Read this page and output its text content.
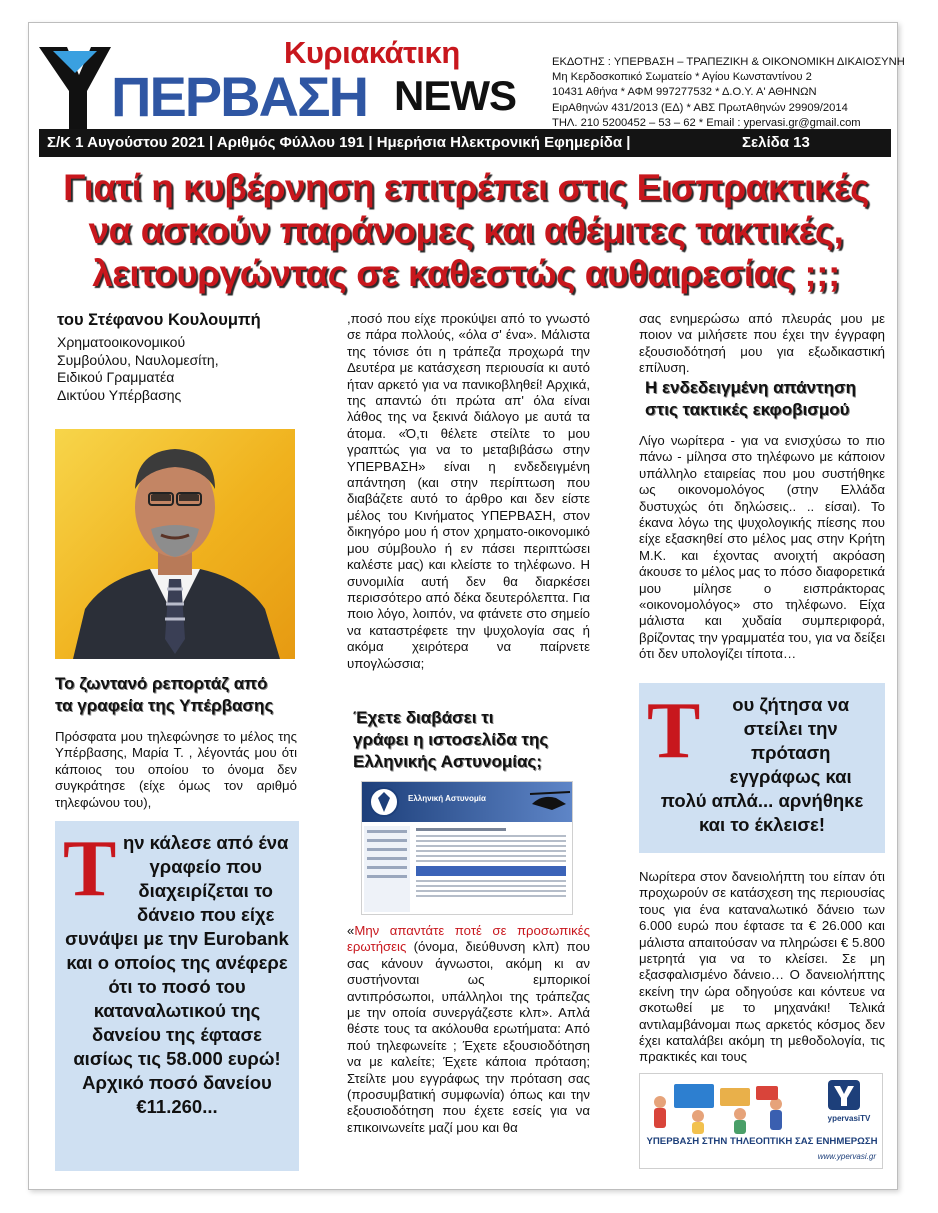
Κυριακάτικη
ΠΕΡΒΑΣΗ NEWS
ΕΚΔΟΤΗΣ : ΥΠΕΡΒΑΣΗ – ΤΡΑΠΕΖΙΚΗ & ΟΙΚΟΝΟΜΙΚΗ ΔΙΚΑΙΟΣΥΝΗ
Μη Κερδοσκοπικό Σωματείο * Αγίου Κωνσταντίνου 2
10431 Αθήνα * ΑΦΜ 997277532 * Δ.Ο.Υ. Α' ΑΘΗΝΩΝ
ΕιρΑθηνών 431/2013 (ΕΔ) * ΑΒΣ ΠρωτΑθηνών 29909/2014
ΤΗΛ. 210 5200452 – 53 – 62 * Email : ypervasi.gr@gmail.com
Σ/Κ 1 Αυγούστου 2021 | Αριθμός Φύλλου 191 | Ημερήσια Ηλεκτρονική Εφημερίδα |	Σελίδα 13
Γιατί η κυβέρνηση επιτρέπει στις Εισπρακτικές
να ασκούν παράνομες και αθέμιτες τακτικές,
λειτουργώντας σε καθεστώς αυθαιρεσίας ;;;
του Στέφανου Κουλουμπή
Χρηματοοικονομικού
Συμβούλου, Ναυλομεσίτη,
Ειδικού Γραμματέα
Δικτύου Υπέρβασης
Το ζωντανό ρεπορτάζ από
τα γραφεία της Υπέρβασης
Πρόσφατα μου τηλεφώνησε το μέλος της Υπέρβασης, Μαρία Τ. , λέγοντάς μου ότι κάποιος του οποίου το όνομα δεν συγκράτησε (είχε όμως τον αριθμό τηλεφώνου του),
Τ ην κάλεσε από ένα γραφείο που διαχειρίζεται το δάνειο που είχε συνάψει με την Eurobank και ο οποίος της ανέφερε ότι το ποσό του καταναλωτικού της δανείου της έφτασε αισίως τις 58.000 ευρώ! Αρχικό ποσό δανείου €11.260...
,ποσό που είχε προκύψει από το γνωστό σε πάρα πολλούς, «όλα σ' ένα». Μάλιστα της τόνισε ότι η τράπεζα προχωρά την Δευτέρα με κατάσχεση περιουσία κι αυτό ήταν αρκετό για να πανικοβληθεί! Αρχικά, της απαντώ ότι πρώτα απ' όλα είναι λάθος της να ξεκινά διάλογο με αυτά τα άτομα. «Ό,τι θέλετε στείλτε το μου γραπτώς για να το μεταβιβάσω στην ΥΠΕΡΒΑΣΗ» είναι η ενδεδειγμένη απάντηση (και στην περίπτωση που διαβάζετε αυτό το άρθρο και δεν είστε μέλος του Κινήματος ΥΠΕΡΒΑΣΗ, στον δικηγόρο μου ή στον χρηματο-οικονομικό μου σύμβουλο ή εν πάσει περιπτώσει καλέστε μας) και κλείστε το τηλέφωνο. Η συνομιλία αυτή δεν θα διαρκέσει περισσότερο από δέκα δευτερόλεπτα. Για ποιο λόγο, λοιπόν, να φτάνετε στο σημείο να καταστρέφετε την ψυχολογία σας ή ακόμα χειρότερα να παίρνετε υπογλώσσια;
Έχετε διαβάσει τι
γράφει η ιστοσελίδα της
Ελληνικής Αστυνομίας;
Ελληνική Αστυνομία
«Μην απαντάτε ποτέ σε προσωπικές ερωτήσεις (όνομα, διεύθυνση κλπ) που σας κάνουν άγνωστοι, ακόμη κι αν συστήνονται ως εμπορικοί αντιπρόσωποι, υπάλληλοι της τράπεζας με την οποία συνεργάζεστε κλπ». Απλά θέστε τους τα ακόλουθα ερωτήματα: Από πού τηλεφωνείτε ; Έχετε εξουσιοδότηση να με καλείτε; Έχετε κάποια πρόταση; Στείλτε μου εγγράφως την πρόταση σας (προσυμβατική συμφωνία) όπως και την εξουσιοδότηση που έχετε εσείς για να επικοινωνείτε μαζί μου και θα
σας ενημερώσω από πλευράς μου με ποιον να μιλήσετε που έχει την έγγραφη εξουσιοδότησή μου για εξωδικαστική επίλυση.
Η ενδεδειγμένη απάντηση
στις τακτικές εκφοβισμού
Λίγο νωρίτερα - για να ενισχύσω το πιο πάνω - μίλησα στο τηλέφωνο με κάποιον υπάλληλο εταιρείας που μου συστήθηκε ως οικονομολόγος (στην Ελλάδα δυστυχώς ότι δηλώσεις.. .. είσαι). Το έκανα λόγω της ψυχολογικής πίεσης που είχε εξασκηθεί στο μέλος μας στην Κρήτη Μ.Κ. και έχοντας ανοιχτή ακρόαση άκουσε το μέλος μας το πόσο διαφορετικά μου μίλησε ο εισπράκτορας «οικονομολόγος» στο τηλέφωνο. Είχα μάλιστα και χυδαία συμπεριφορά, βρίζοντας την γραμματέα του, για να δείξει ότι δεν υπολογίζει τίποτα…
Τ	ου ζήτησα να στείλει την πρόταση εγγράφως και πολύ απλά... αρνήθηκε και το έκλεισε!
Νωρίτερα στον δανειολήπτη του είπαν ότι προχωρούν σε κατάσχεση της περιουσίας τους για ένα καταναλωτικό δάνειο των 6.000 ευρώ που έφτασε τα € 26.000 και μάλιστα απαιτούσαν να πληρώσει € 5.800 μετρητά για να το κλείσει. Σε μη εξασφαλισμένο δάνειο… Ο δανειολήπτης εκείνη την ώρα οδηγούσε και κόντευε να σκοτωθεί με το μηχανάκι! Τελικά αντιλαμβάνομαι πως αρκετός κόσμος δεν έχει καταλάβει ακόμη τη μεθοδολογία, τις πρακτικές και τους
ypervasiTV
ΥΠΕΡΒΑΣΗ ΣΤΗΝ ΤΗΛΕΟΠΤΙΚΗ ΣΑΣ ΕΝΗΜΕΡΩΣΗ
www.ypervasi.gr
